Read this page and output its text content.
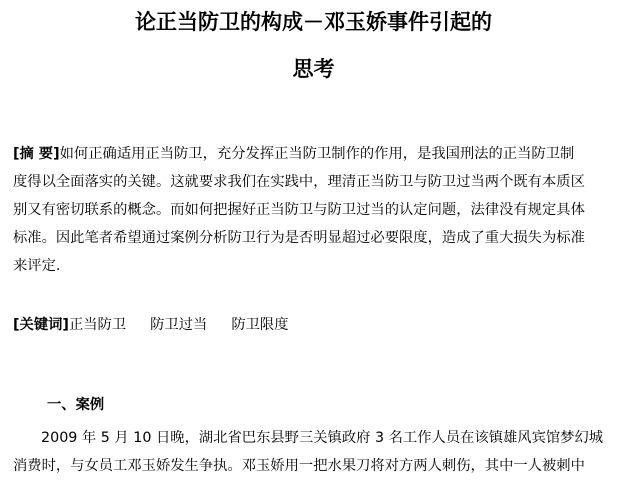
论正当防卫的构成－邓玉娇事件引起的
思考
[摘 要]如何正确适用正当防卫，充分发挥正当防卫制作的作用，是我国刑法的正当防卫制
度得以全面落实的关键。这就要求我们在实践中，理清正当防卫与防卫过当两个既有本质区
别又有密切联系的概念。而如何把握好正当防卫与防卫过当的认定问题，法律没有规定具体
标准。因此笔者希望通过案例分析防卫行为是否明显超过必要限度，造成了重大损失为标准
来评定.
[关键词]正当防卫 防卫过当 防卫限度
一、案例
2009 年 5 月 10 日晚，湖北省巴东县野三关镇政府 3 名工作人员在该镇雄风宾馆梦幻城
消费时，与女员工邓玉娇发生争执。邓玉娇用一把水果刀将对方两人刺伤，其中一人被刺中
